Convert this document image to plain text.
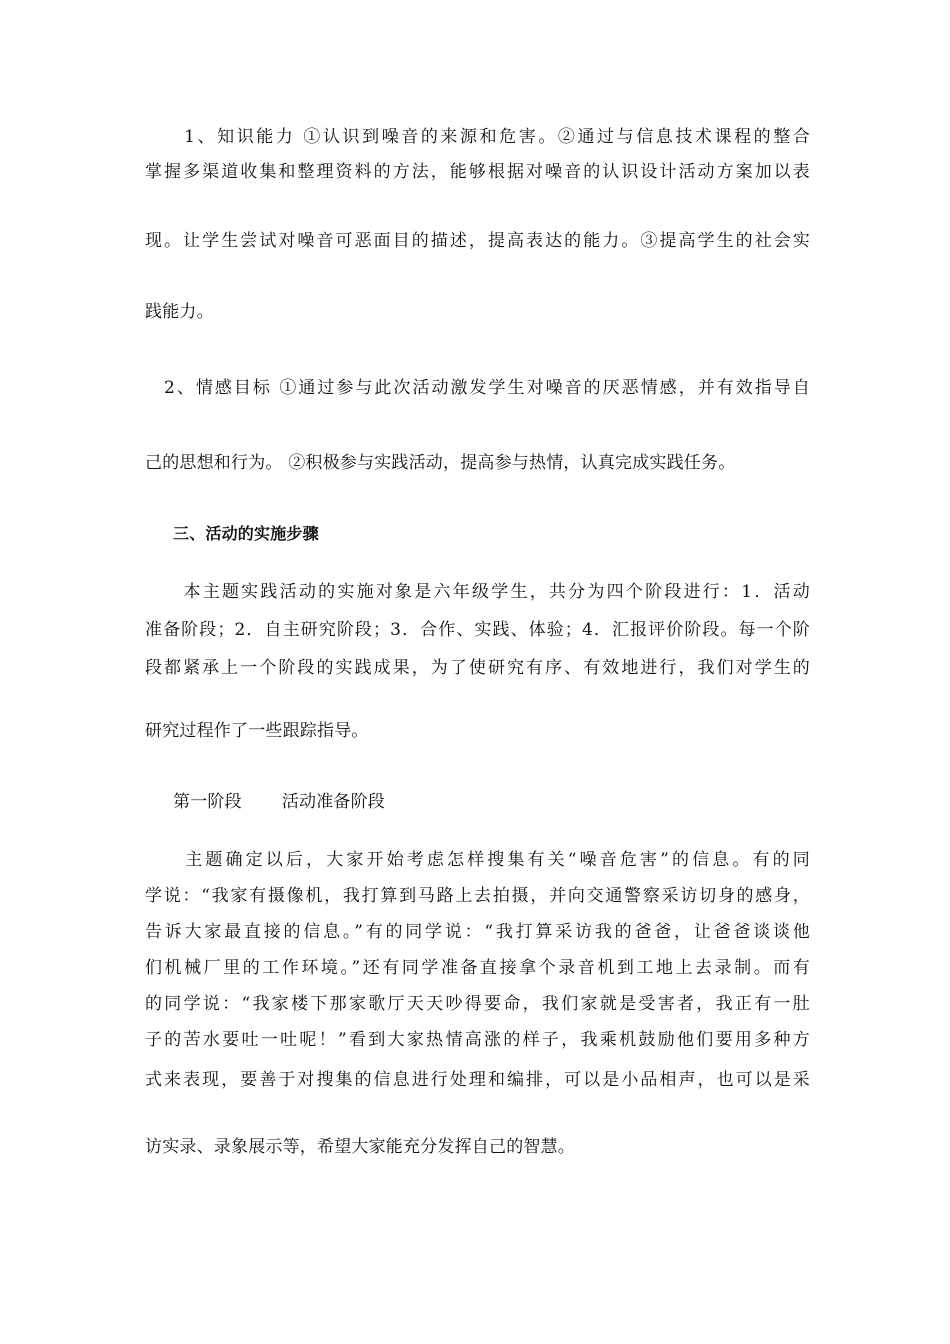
　　1、知识能力 ①认识到噪音的来源和危害。②通过与信息技术课程的整合
掌握多渠道收集和整理资料的方法，能够根据对噪音的认识设计活动方案加以表
现。让学生尝试对噪音可恶面目的描述，提高表达的能力。③提高学生的社会实
践能力。
　2、情感目标 ①通过参与此次活动激发学生对噪音的厌恶情感，并有效指导自
己的思想和行为。 ②积极参与实践活动，提高参与热情，认真完成实践任务。
三、活动的实施步骤
　　本主题实践活动的实施对象是六年级学生，共分为四个阶段进行：1．活动
准备阶段；2．自主研究阶段；3．合作、实践、体验；4．汇报评价阶段。每一个阶
段都紧承上一个阶段的实践成果，为了使研究有序、有效地进行，我们对学生的
研究过程作了一些跟踪指导。
第一阶段 活动准备阶段
　　主题确定以后，大家开始考虑怎样搜集有关“噪音危害”的信息。有的同
学说：“我家有摄像机，我打算到马路上去拍摄，并向交通警察采访切身的感身，
告诉大家最直接的信息。”有的同学说：“我打算采访我的爸爸，让爸爸谈谈他
们机械厂里的工作环境。”还有同学准备直接拿个录音机到工地上去录制。而有
的同学说：“我家楼下那家歌厅天天吵得要命，我们家就是受害者，我正有一肚
子的苦水要吐一吐呢！”看到大家热情高涨的样子，我乘机鼓励他们要用多种方
式来表现，要善于对搜集的信息进行处理和编排，可以是小品相声，也可以是采
访实录、录象展示等，希望大家能充分发挥自己的智慧。
